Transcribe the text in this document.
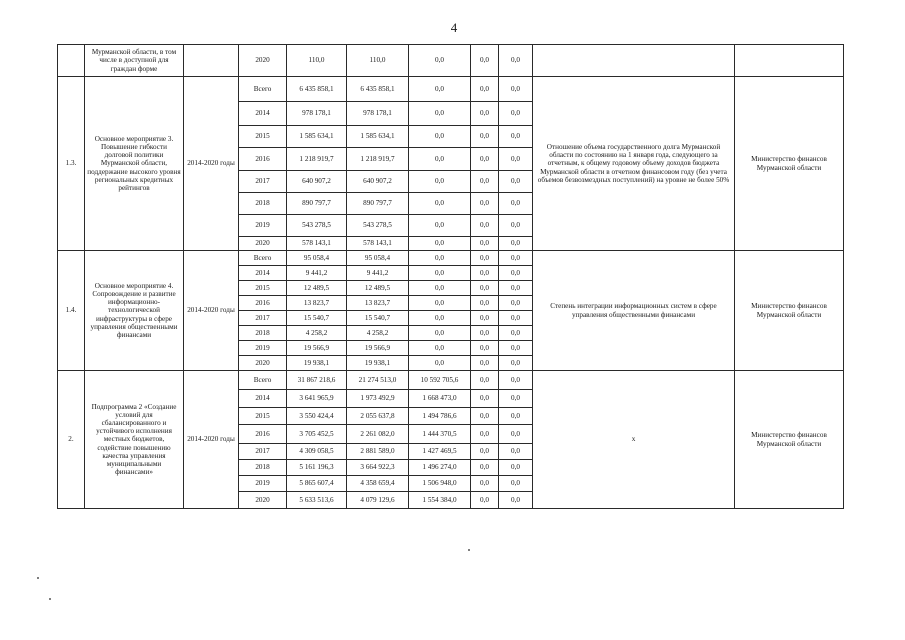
4
	Мурманской области, в том числе в доступной для граждан форме		2020	110,0	110,0	0,0	0,0	0,0		
1.3.	Основное мероприятие 3. Повышение гибкости долговой политики Мурманской области, поддержание высокого уровня региональных кредитных рейтингов	2014-2020 годы	Всего	6 435 858,1	6 435 858,1	0,0	0,0	0,0	Отношение объема государственного долга Мурманской области по состоянию на 1 января года, следующего за отчетным, к общему годовому объему доходов бюджета Мурманской области в отчетном финансовом году (без учета объемов безвозмездных поступлений) на уровне не более 50%	Министерство финансов Мурманской области
			2014	978 178,1	978 178,1	0,0	0,0	0,0		
			2015	1 585 634,1	1 585 634,1	0,0	0,0	0,0		
			2016	1 218 919,7	1 218 919,7	0,0	0,0	0,0		
			2017	640 907,2	640 907,2	0,0	0,0	0,0		
			2018	890 797,7	890 797,7	0,0	0,0	0,0		
			2019	543 278,5	543 278,5	0,0	0,0	0,0		
			2020	578 143,1	578 143,1	0,0	0,0	0,0		
1.4.	Основное мероприятие 4. Сопровождение и развитие информационно-технологической инфраструктуры в сфере управления общественными финансами	2014-2020 годы	Всего	95 058,4	95 058,4	0,0	0,0	0,0	Степень интеграции информационных систем в сфере управления общественными финансами	Министерство финансов Мурманской области
			2014	9 441,2	9 441,2	0,0	0,0	0,0		
			2015	12 489,5	12 489,5	0,0	0,0	0,0		
			2016	13 823,7	13 823,7	0,0	0,0	0,0		
			2017	15 540,7	15 540,7	0,0	0,0	0,0		
			2018	4 258,2	4 258,2	0,0	0,0	0,0		
			2019	19 566,9	19 566,9	0,0	0,0	0,0		
			2020	19 938,1	19 938,1	0,0	0,0	0,0		
2.	Подпрограмма 2 «Создание условий для сбалансированного и устойчивого исполнения местных бюджетов, содействие повышению качества управления муниципальными финансами»	2014-2020 годы	Всего	31 867 218,6	21 274 513,0	10 592 705,6	0,0	0,0	х	Министерство финансов Мурманской области
			2014	3 641 965,9	1 973 492,9	1 668 473,0	0,0	0,0		
			2015	3 550 424,4	2 055 637,8	1 494 786,6	0,0	0,0		
			2016	3 705 452,5	2 261 082,0	1 444 370,5	0,0	0,0		
			2017	4 309 058,5	2 881 589,0	1 427 469,5	0,0	0,0		
			2018	5 161 196,3	3 664 922,3	1 496 274,0	0,0	0,0		
			2019	5 865 607,4	4 358 659,4	1 506 948,0	0,0	0,0		
			2020	5 633 513,6	4 079 129,6	1 554 384,0	0,0	0,0		
